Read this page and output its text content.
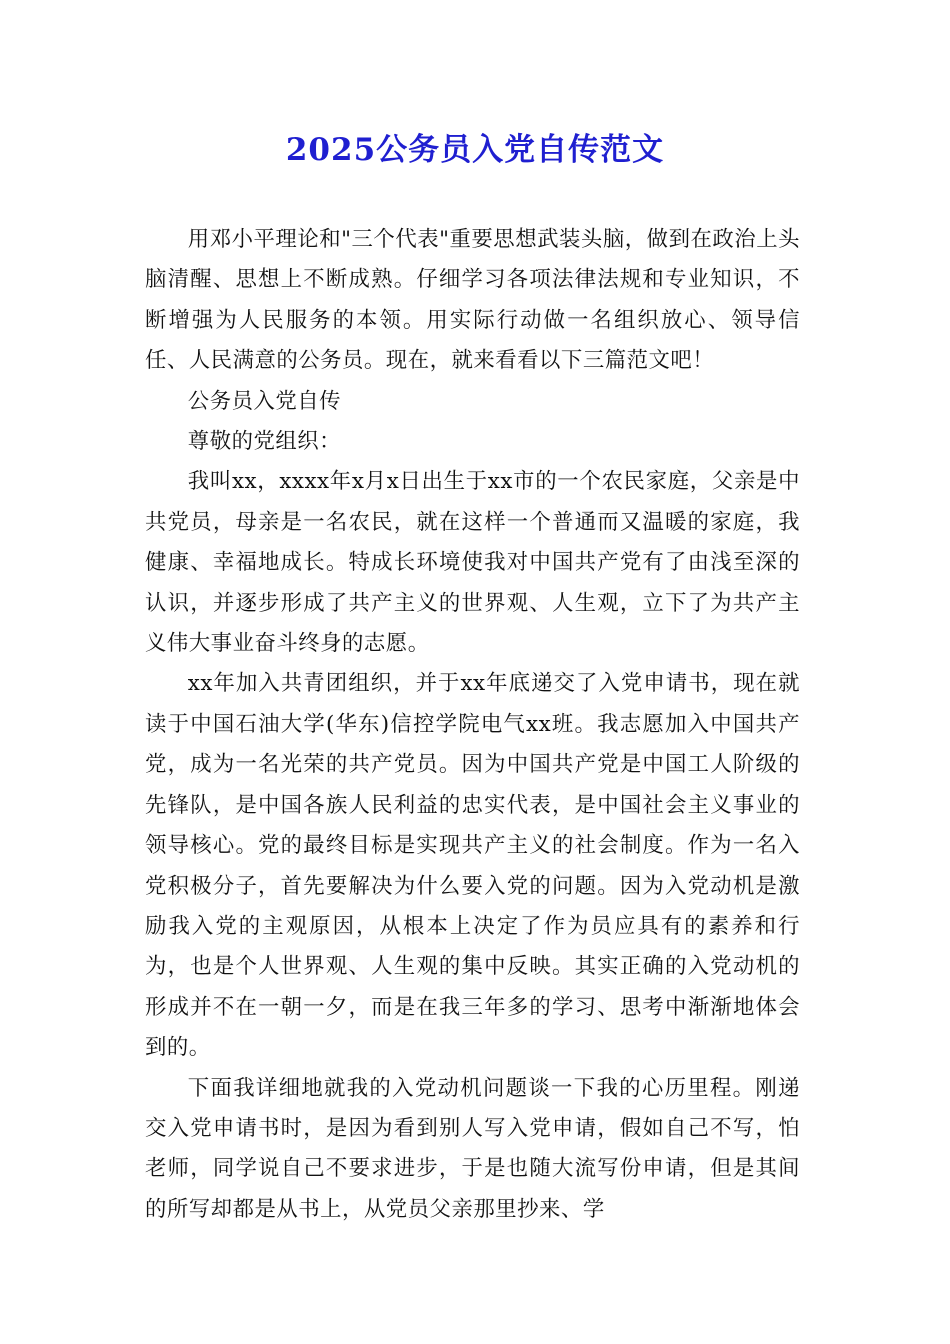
2025公务员入党自传范文

用邓小平理论和"三个代表"重要思想武装头脑，做到在政治上头脑清醒、思想上不断成熟。仔细学习各项法律法规和专业知识，不断增强为人民服务的本领。用实际行动做一名组织放心、领导信任、人民满意的公务员。现在，就来看看以下三篇范文吧！

公务员入党自传

尊敬的党组织：

我叫xx，xxxx年x月x日出生于xx市的一个农民家庭，父亲是中共党员，母亲是一名农民，就在这样一个普通而又温暖的家庭，我健康、幸福地成长。特成长环境使我对中国共产党有了由浅至深的认识，并逐步形成了共产主义的世界观、人生观，立下了为共产主义伟大事业奋斗终身的志愿。

xx年加入共青团组织，并于xx年底递交了入党申请书，现在就读于中国石油大学(华东)信控学院电气xx班。我志愿加入中国共产党，成为一名光荣的共产党员。因为中国共产党是中国工人阶级的先锋队，是中国各族人民利益的忠实代表，是中国社会主义事业的领导核心。党的最终目标是实现共产主义的社会制度。作为一名入党积极分子，首先要解决为什么要入党的问题。因为入党动机是激励我入党的主观原因，从根本上决定了作为员应具有的素养和行为，也是个人世界观、人生观的集中反映。其实正确的入党动机的形成并不在一朝一夕，而是在我三年多的学习、思考中渐渐地体会到的。

下面我详细地就我的入党动机问题谈一下我的心历里程。刚递交入党申请书时，是因为看到别人写入党申请，假如自己不写，怕老师，同学说自己不要求进步，于是也随大流写份申请，但是其间的所写却都是从书上，从党员父亲那里抄来、学
